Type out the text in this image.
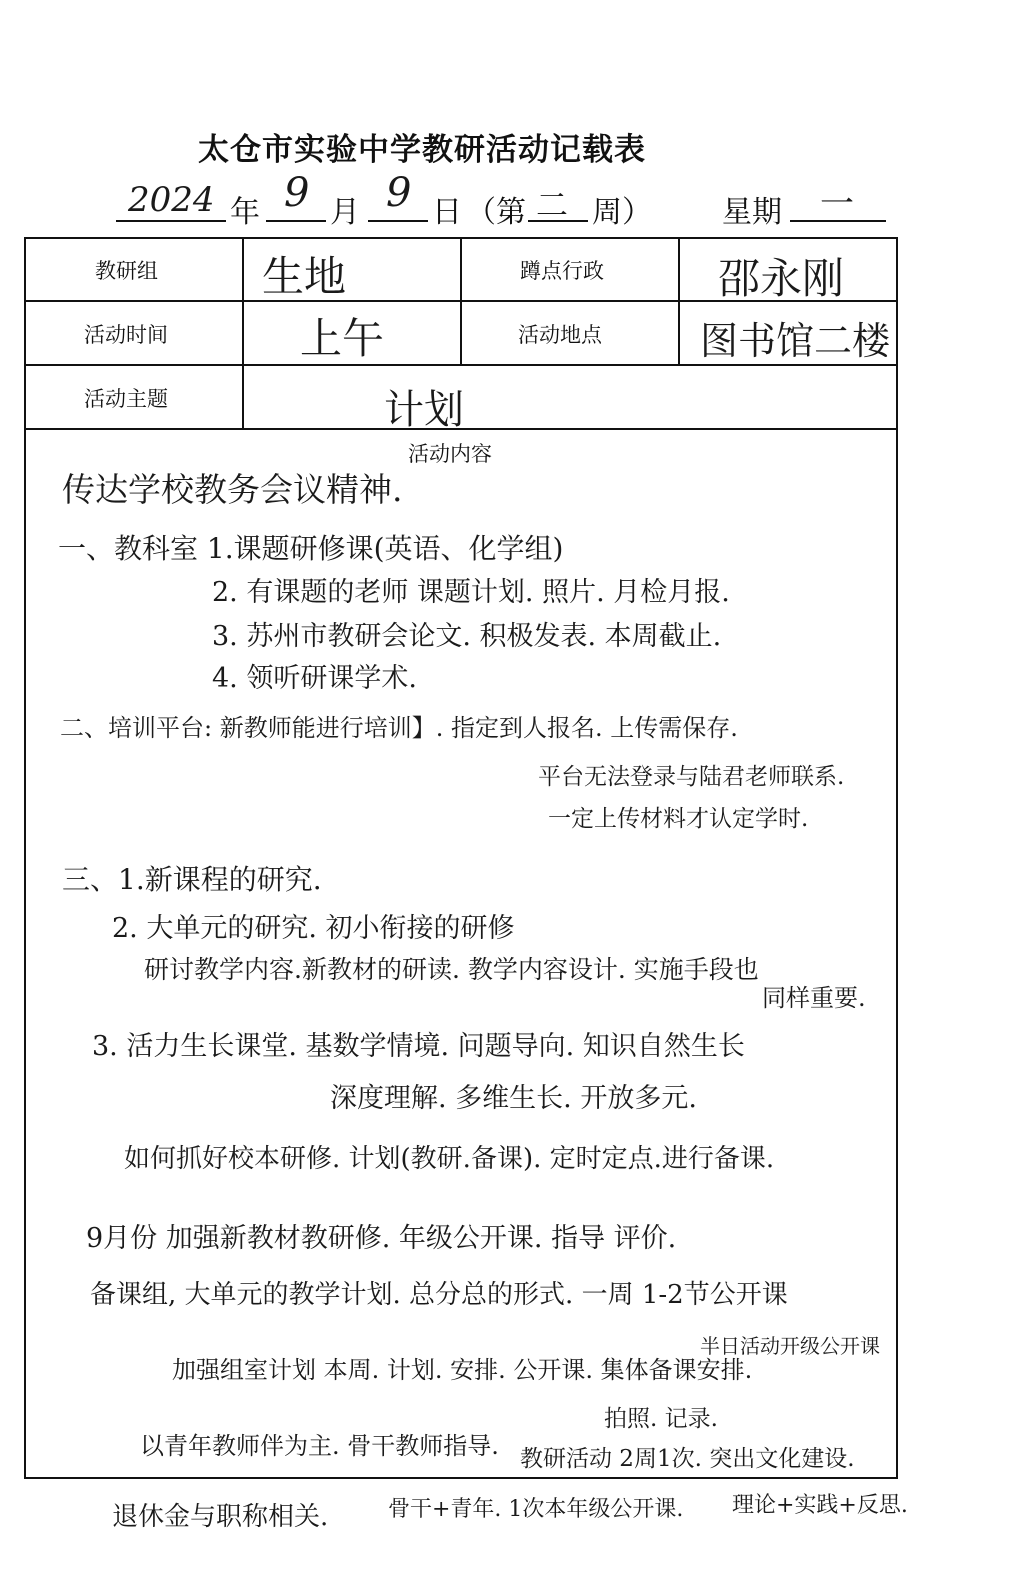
太仓市实验中学教研活动记载表
2024 年 9 月 9 日 （第 二 周） 星期 一
教研组 生地	蹲点行政	邵永刚
活动时间	上午	活动地点	图书馆二楼
活动主题	计划
活动内容
传达学校教务会议精神.
一、教科室 1.课题研修课(英语、化学组)
2. 有课题的老师 课题计划. 照片. 月检月报.
3. 苏州市教研会论文. 积极发表. 本周截止.
4. 领听研课学术.
二、培训平台: 新教师能进行培训】. 指定到人报名. 上传需保存.
平台无法登录与陆君老师联系.
一定上传材料才认定学时.
三、1.新课程的研究.
2. 大单元的研究. 初小衔接的研修
研讨教学内容.新教材的研读. 教学内容设计. 实施手段也
同样重要.
3. 活力生长课堂. 基数学情境. 问题导向. 知识自然生长
深度理解. 多维生长. 开放多元.
如何抓好校本研修. 计划(教研.备课). 定时定点.进行备课.
9月份 加强新教材教研修. 年级公开课. 指导 评价.
备课组, 大单元的教学计划. 总分总的形式. 一周 1-2节公开课
半日活动开级公开课
加强组室计划 本周. 计划. 安排. 公开课. 集体备课安排.
拍照. 记录.
以青年教师伴为主. 骨干教师指导. 教研活动 2周1次. 突出文化建设.
退休金与职称相关.	骨干+青年. 1次本年级公开课. 理论+实践+反思.
